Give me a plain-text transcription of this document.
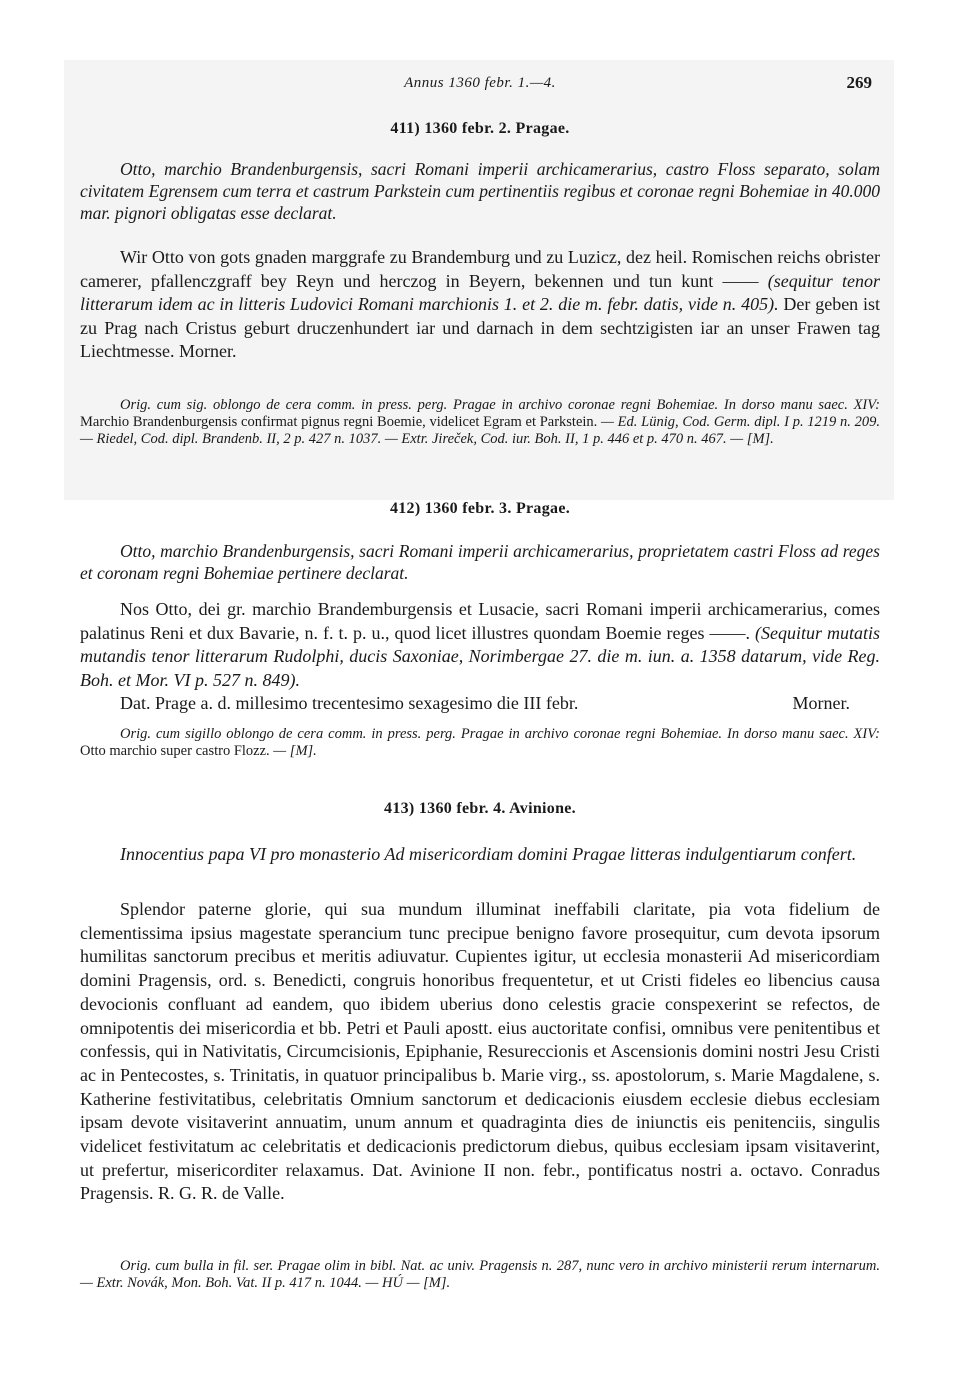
Annus 1360 febr. 1.—4.	269
411) 1360 febr. 2. Pragae.

Otto, marchio Brandenburgensis, sacri Romani imperii archicamerarius, castro Floss separato, solam civitatem Egrensem cum terra et castrum Parkstein cum pertinentiis regibus et coronae regni Bohemiae in 40.000 mar. pignori obligatas esse declarat.

Wir Otto von gots gnaden marggrafe zu Brandemburg und zu Luzicz, dez heil. Romischen reichs obrister camerer, pfallenczgraff bey Reyn und herczog in Beyern, bekennen und tun kunt —— (sequitur tenor litterarum idem ac in litteris Ludovici Romani marchionis 1. et 2. die m. febr. datis, vide n. 405). Der geben ist zu Prag nach Cristus geburt druczenhundert iar und darnach in dem sechtzigisten iar an unser Frawen tag Liechtmesse. Morner.

Orig. cum sig. oblongo de cera comm. in press. perg. Pragae in archivo coronae regni Bohemiae. In dorso manu saec. XIV: Marchio Brandenburgensis confirmat pignus regni Boemie, videlicet Egram et Parkstein. — Ed. Lünig, Cod. Germ. dipl. I p. 1219 n. 209. — Riedel, Cod. dipl. Brandenb. II, 2 p. 427 n. 1037. — Extr. Jireček, Cod. iur. Boh. II, 1 p. 446 et p. 470 n. 467. — [M].

412) 1360 febr. 3. Pragae.

Otto, marchio Brandenburgensis, sacri Romani imperii archicamerarius, proprietatem castri Floss ad reges et coronam regni Bohemiae pertinere declarat.

Nos Otto, dei gr. marchio Brandemburgensis et Lusacie, sacri Romani imperii archicamerarius, comes palatinus Reni et dux Bavarie, n. f. t. p. u., quod licet illustres quondam Boemie reges ——. (Sequitur mutatis mutandis tenor litterarum Rudolphi, ducis Saxoniae, Norimbergae 27. die m. iun. a. 1358 datarum, vide Reg. Boh. et Mor. VI p. 527 n. 849).

Dat. Prage a. d. millesimo trecentesimo sexagesimo die III febr.	Morner.

Orig. cum sigillo oblongo de cera comm. in press. perg. Pragae in archivo coronae regni Bohemiae. In dorso manu saec. XIV: Otto marchio super castro Flozz. — [M].

413) 1360 febr. 4. Avinione.

Innocentius papa VI pro monasterio Ad misericordiam domini Pragae litteras indulgentiarum confert.

Splendor paterne glorie, qui sua mundum illuminat ineffabili claritate, pia vota fidelium de clementissima ipsius magestate sperancium tunc precipue benigno favore prosequitur, cum devota ipsorum humilitas sanctorum precibus et meritis adiuvatur. Cupientes igitur, ut ecclesia monasterii Ad misericordiam domini Pragensis, ord. s. Benedicti, congruis honoribus frequentetur, et ut Cristi fideles eo libencius causa devocionis confluant ad eandem, quo ibidem uberius dono celestis gracie conspexerint se refectos, de omnipotentis dei misericordia et bb. Petri et Pauli apostt. eius auctoritate confisi, omnibus vere penitentibus et confessis, qui in Nativitatis, Circumcisionis, Epiphanie, Resureccionis et Ascensionis domini nostri Jesu Cristi ac in Pentecostes, s. Trinitatis, in quatuor principalibus b. Marie virg., ss. apostolorum, s. Marie Magdalene, s. Katherine festivitatibus, celebritatis Omnium sanctorum et dedicacionis eiusdem ecclesie diebus ecclesiam ipsam devote visitaverint annuatim, unum annum et quadraginta dies de iniunctis eis penitenciis, singulis videlicet festivitatum ac celebritatis et dedicacionis predictorum diebus, quibus ecclesiam ipsam visitaverint, ut prefertur, misericorditer relaxamus. Dat. Avinione II non. febr., pontificatus nostri a. octavo. Conradus Pragensis. R. G. R. de Valle.

Orig. cum bulla in fil. ser. Pragae olim in bibl. Nat. ac univ. Pragensis n. 287, nunc vero in archivo ministerii rerum internarum. — Extr. Novák, Mon. Boh. Vat. II p. 417 n. 1044. — HÚ — [M].
